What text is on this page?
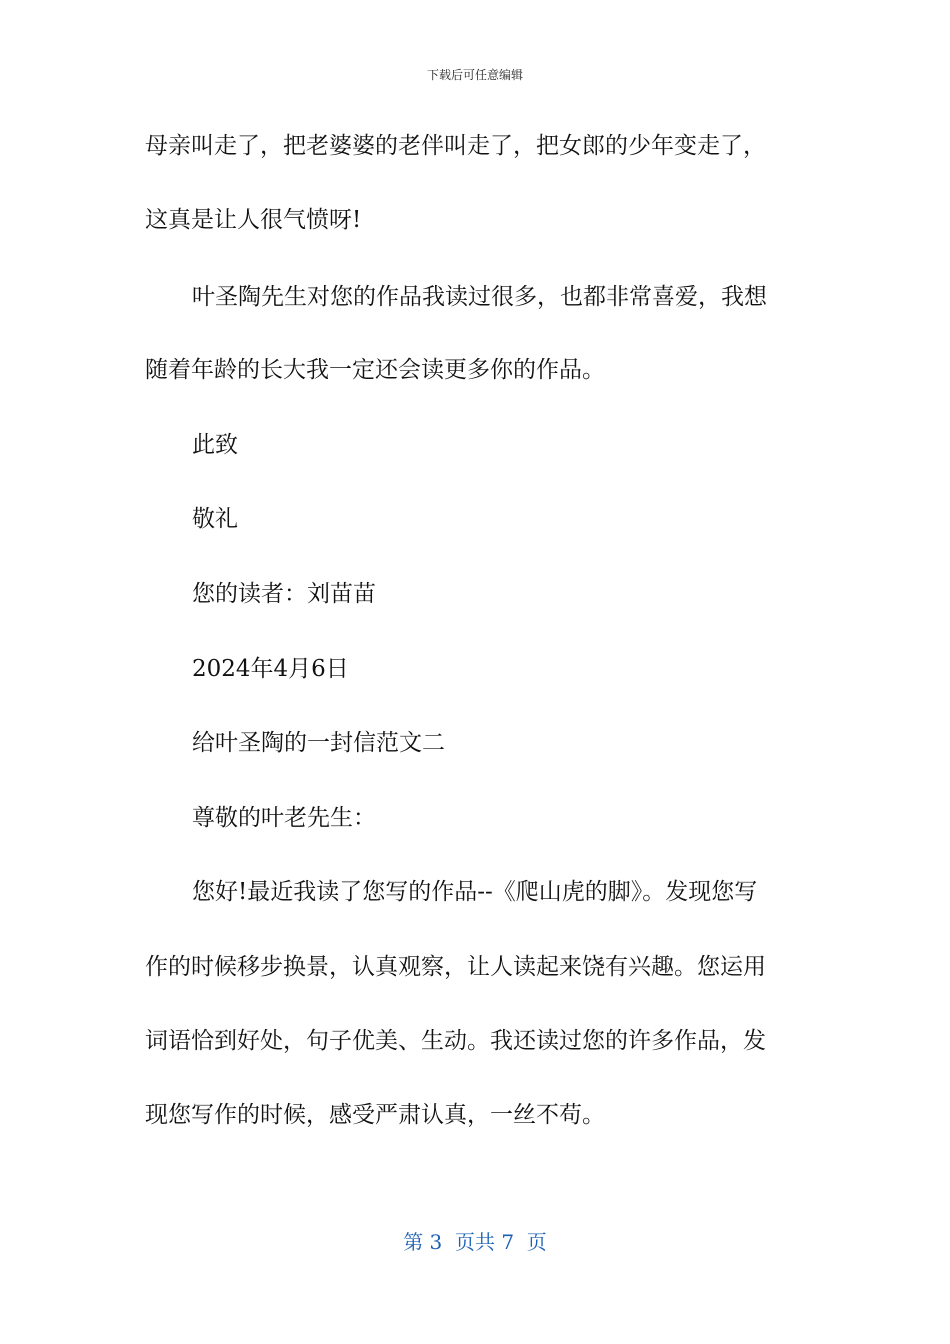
下载后可任意编辑
母亲叫走了，把老婆婆的老伴叫走了，把女郎的少年变走了，
这真是让人很气愤呀!
叶圣陶先生对您的作品我读过很多，也都非常喜爱，我想
随着年龄的长大我一定还会读更多你的作品。
此致
敬礼
您的读者：刘苗苗
2024年4月6日
给叶圣陶的一封信范文二
尊敬的叶老先生：
您好!最近我读了您写的作品--《爬山虎的脚》。发现您写
作的时候移步换景，认真观察，让人读起来饶有兴趣。您运用
词语恰到好处，句子优美、生动。我还读过您的许多作品，发
现您写作的时候，感受严肃认真，一丝不苟。
第 3  页共 7  页
